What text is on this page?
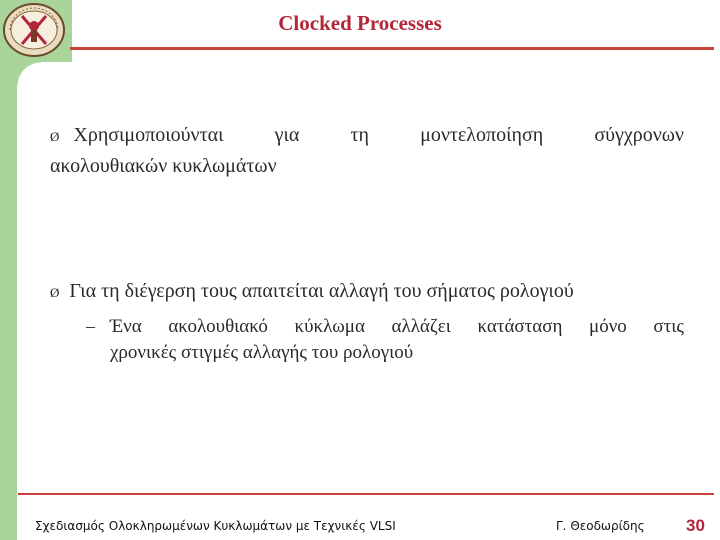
Clocked Processes
Ø Χρησιμοποιούνται	για	τη	μοντελοποίηση	σύγχρονων
ακολουθιακών κυκλωμάτων
Ø Για τη διέγερση τους απαιτείται αλλαγή του σήματος ρολογιού
– Ένα ακολουθιακό κύκλωμα αλλάζει κατάσταση μόνο στις
χρονικές στιγμές αλλαγής του ρολογιού
Σχεδιασμός Ολοκληρωμένων Κυκλωμάτων με Τεχνικές VLSI	Γ. Θεοδωρίδης 30
